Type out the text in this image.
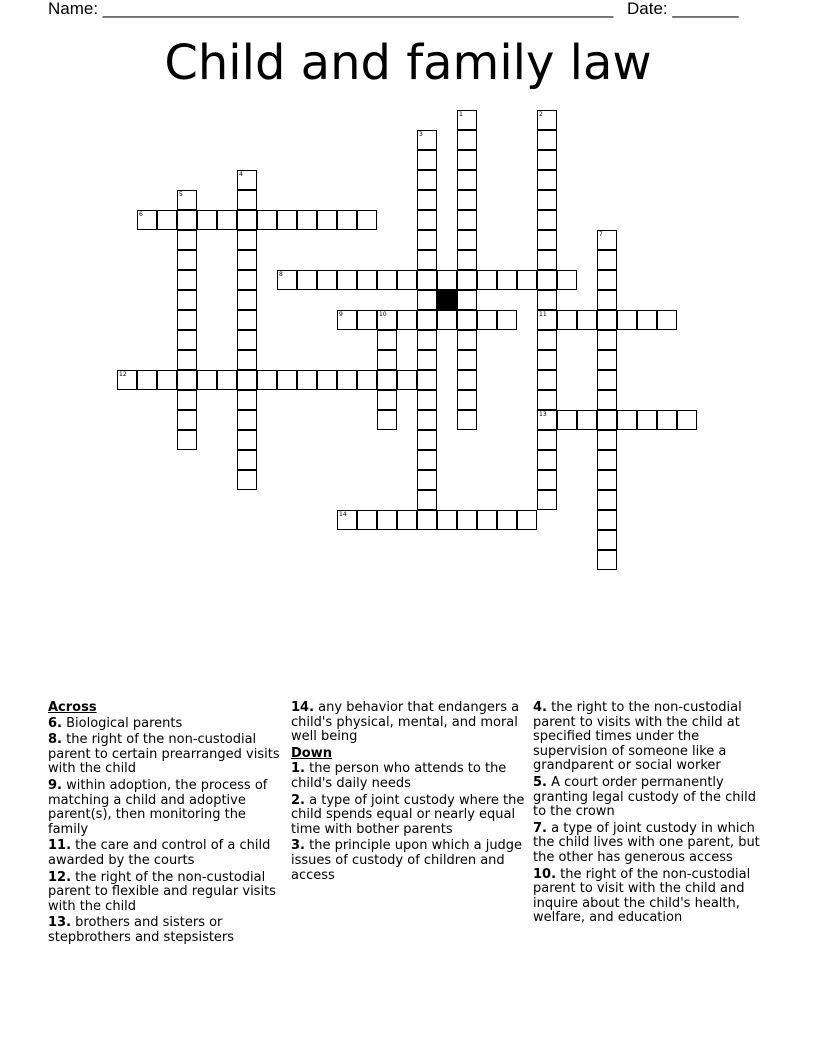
Name: ______________________________________________________ Date: _______
Child and family law
1	2
11
13
3
4
5
6
7
8
9	10
12
14
Across
6. Biological parents
8. the right of the non-custodial parent to certain prearranged visits with the child
9. within adoption, the process of matching a child and adoptive parent(s), then monitoring the family
11. the care and control of a child awarded by the courts
12. the right of the non-custodial parent to flexible and regular visits with the child
13. brothers and sisters or stepbrothers and stepsisters
14. any behavior that endangers a child's physical, mental, and moral well being
Down
1. the person who attends to the child's daily needs
2. a type of joint custody where the child spends equal or nearly equal time with bother parents
3. the principle upon which a judge issues of custody of children and access
4. the right to the non-custodial parent to visits with the child at specified times under the supervision of someone like a grandparent or social worker
5. A court order permanently granting legal custody of the child to the crown
7. a type of joint custody in which the child lives with one parent, but the other has generous access
10. the right of the non-custodial parent to visit with the child and inquire about the child's health, welfare, and education
